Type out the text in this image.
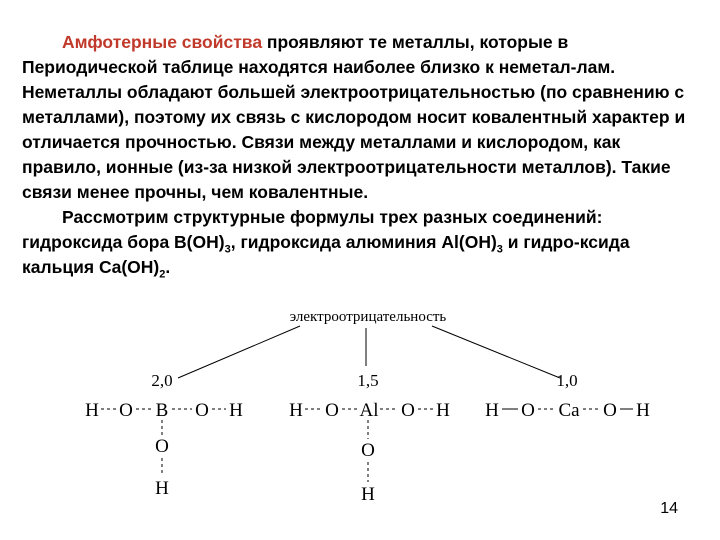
Амфотерные свойства проявляют те металлы, которые в Периодической таблице находятся наиболее близко к неметал-лам. Неметаллы обладают большей электроотрицательностью (по сравнению с металлами), поэтому их связь с кислородом носит ковалентный характер и отличается прочностью. Связи между металлами и кислородом, как правило, ионные (из-за низкой электроотрицательности металлов). Такие связи менее прочны, чем ковалентные.

Рассмотрим структурные формулы трех разных соединений: гидроксида бора $B(OH)_3$, гидроксида алюминия $Al(OH)_3$ и гидро-ксида кальция $Ca(OH)_2$.

электроотрицательность
2,0
H O B O H
O
H
1,5
H O Al O H
O
H
1,0
H O Ca O H
14
